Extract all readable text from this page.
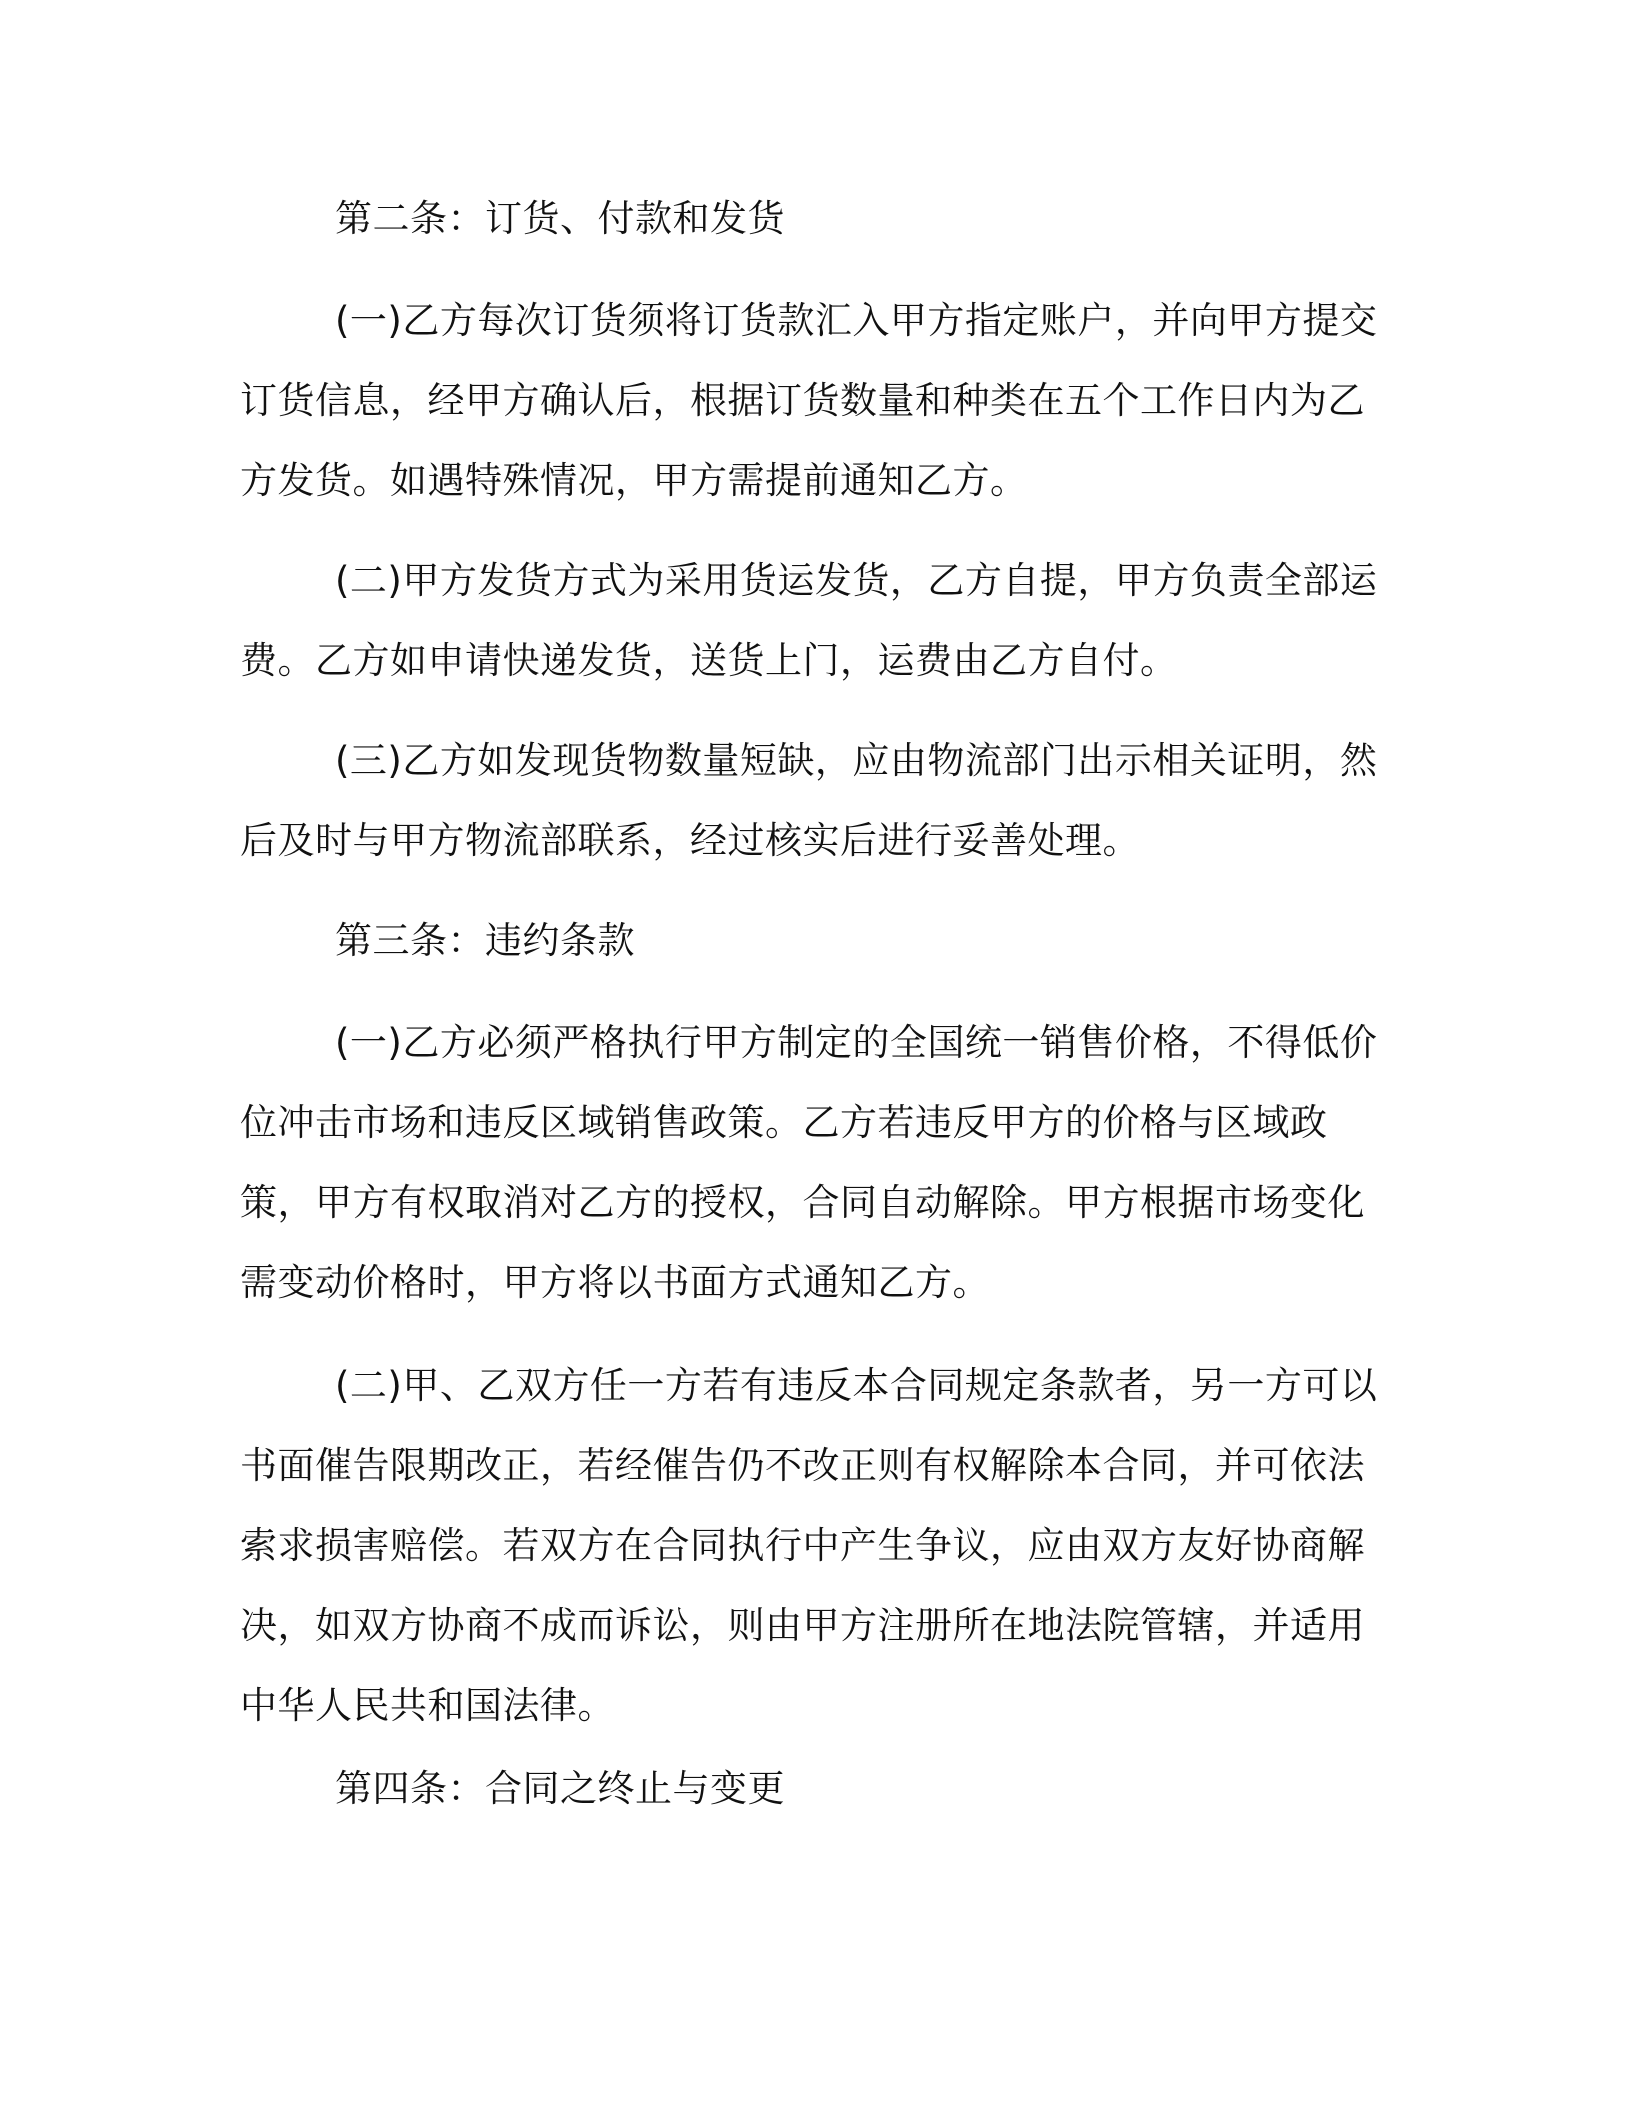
第二条：订货、付款和发货

(一)乙方每次订货须将订货款汇入甲方指定账户，并向甲方提交订货信息，经甲方确认后，根据订货数量和种类在五个工作日内为乙方发货。如遇特殊情况，甲方需提前通知乙方。

(二)甲方发货方式为采用货运发货，乙方自提，甲方负责全部运费。乙方如申请快递发货，送货上门，运费由乙方自付。

(三)乙方如发现货物数量短缺，应由物流部门出示相关证明，然后及时与甲方物流部联系，经过核实后进行妥善处理。

第三条：违约条款

(一)乙方必须严格执行甲方制定的全国统一销售价格，不得低价位冲击市场和违反区域销售政策。乙方若违反甲方的价格与区域政策，甲方有权取消对乙方的授权，合同自动解除。甲方根据市场变化需变动价格时，甲方将以书面方式通知乙方。

(二)甲、乙双方任一方若有违反本合同规定条款者，另一方可以书面催告限期改正，若经催告仍不改正则有权解除本合同，并可依法索求损害赔偿。若双方在合同执行中产生争议，应由双方友好协商解决，如双方协商不成而诉讼，则由甲方注册所在地法院管辖，并适用中华人民共和国法律。

第四条：合同之终止与变更
